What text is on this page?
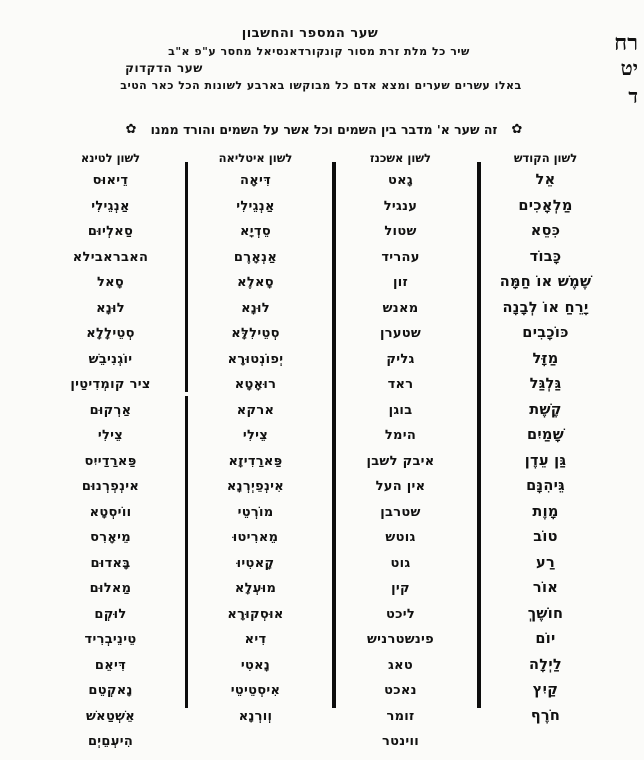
רח
יט
ד
שער המספר והחשבון
שיר כל מלת זרת מסור קונקורדאנסיאל מחסר ע"פ א"ב
שער הדקדוק
באלו עשרים שערים ומצא אדם כל מבוקשו בארבע לשונות הכל כאר הטיב
✿
זה שער א' מדבר בין השמים וכל אשר על השמים והורד ממנו
✿
לשון הקודש
אֵל
מַלְאָכִים
כִּסֵא
כָּבוֹד
שֶׁמֶשׁ אוֹ חַמָּה
יָרֵחַ אוֹ לְבָנָה
כּוֹכָבִים
מַזָּל
גַּלְגַּל
קֶשֶׁת
שָׁמַיִם
גַּן עֵדֶן
גֵּיהִנָּם
מָוֶת
טוֹב
רַע
אוֹר
חוֹשֶׁךְ
יוֹם
לַיְלָה
קַיִץ
חֹרֶף
לשון אשכנז
גָאט
ענגיל
שטול
עהריד
זון
מאנש
שטערן
גליק
ראד
בוגן
הימל
איבק לשבן
אין העל
שטרבן
גוטש
גוט
קין
ליכט
פינשטרניש
טאג
נאכט
זומר
ווינטר
לשון איטליאה
דִּיאָה
אַנְגֵילִי
סֵדְיָא
אַנְאָרֶם
סָאלֶא
לוּנָא
סְטֵילִלָּא
יְפוֹנְטוּרָא
רוּאָטָא
ארקא
צֵילִי
פַּארַדִיזָא
אִינְפֵיְרְנָא
מוֹרְטֵי
מֵארִיטוּ
קָאטִיוּ
מוּעְלָא
אוּסְקוּרָא
דִיא
נָאטִי
אִיסְטֵיטֵי
וְורְנָא
לשון לטינא
דֵיאוּס
אַנְגֵילִי
סַאלְיוּם
האבראבילא
סָאל
לוּנָא
סְטֵילָלָא
יוֹגְנִיבֵשׁ
ציר קומְדִיטַין
אַרְקוּם
צֵילִי
פַּארַדַייִס
אינְפְרְנוּם
ווֹיסְטָא
מֵיאָרִס
בָּאדוּם
מַאלוּם
לוּקְם
טֵינֵיבְרִיד
דִּיאֵם
נָאקְטֵם
אֵשְׁטַאשׁ
הִיעְםֵיְם
